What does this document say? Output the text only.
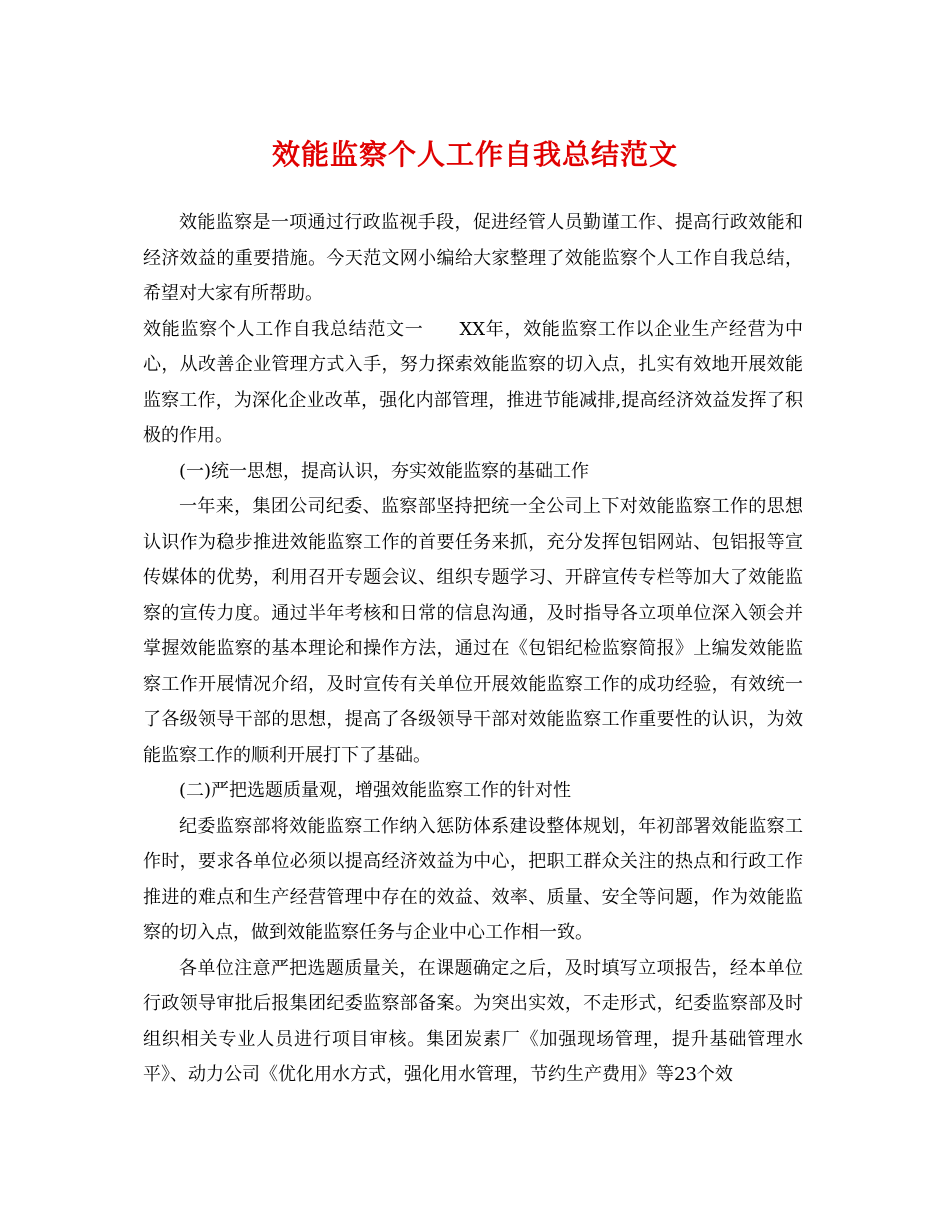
效能监察个人工作自我总结范文

效能监察是一项通过行政监视手段，促进经管人员勤谨工作、提高行政效能和经济效益的重要措施。今天范文网小编给大家整理了效能监察个人工作自我总结，希望对大家有所帮助。

效能监察个人工作自我总结范文一 XX年，效能监察工作以企业生产经营为中心，从改善企业管理方式入手，努力探索效能监察的切入点，扎实有效地开展效能监察工作，为深化企业改革，强化内部管理，推进节能减排,提高经济效益发挥了积极的作用。

(一)统一思想，提高认识，夯实效能监察的基础工作

一年来，集团公司纪委、监察部坚持把统一全公司上下对效能监察工作的思想认识作为稳步推进效能监察工作的首要任务来抓，充分发挥包铝网站、包铝报等宣传媒体的优势，利用召开专题会议、组织专题学习、开辟宣传专栏等加大了效能监察的宣传力度。通过半年考核和日常的信息沟通，及时指导各立项单位深入领会并掌握效能监察的基本理论和操作方法，通过在《包铝纪检监察简报》上编发效能监察工作开展情况介绍，及时宣传有关单位开展效能监察工作的成功经验，有效统一了各级领导干部的思想，提高了各级领导干部对效能监察工作重要性的认识，为效能监察工作的顺利开展打下了基础。

(二)严把选题质量观，增强效能监察工作的针对性

纪委监察部将效能监察工作纳入惩防体系建设整体规划，年初部署效能监察工作时，要求各单位必须以提高经济效益为中心，把职工群众关注的热点和行政工作推进的难点和生产经营管理中存在的效益、效率、质量、安全等问题，作为效能监察的切入点，做到效能监察任务与企业中心工作相一致。

各单位注意严把选题质量关，在课题确定之后，及时填写立项报告，经本单位行政领导审批后报集团纪委监察部备案。为突出实效，不走形式，纪委监察部及时组织相关专业人员进行项目审核。集团炭素厂《加强现场管理，提升基础管理水平》、动力公司《优化用水方式，强化用水管理，节约生产费用》等23个效
